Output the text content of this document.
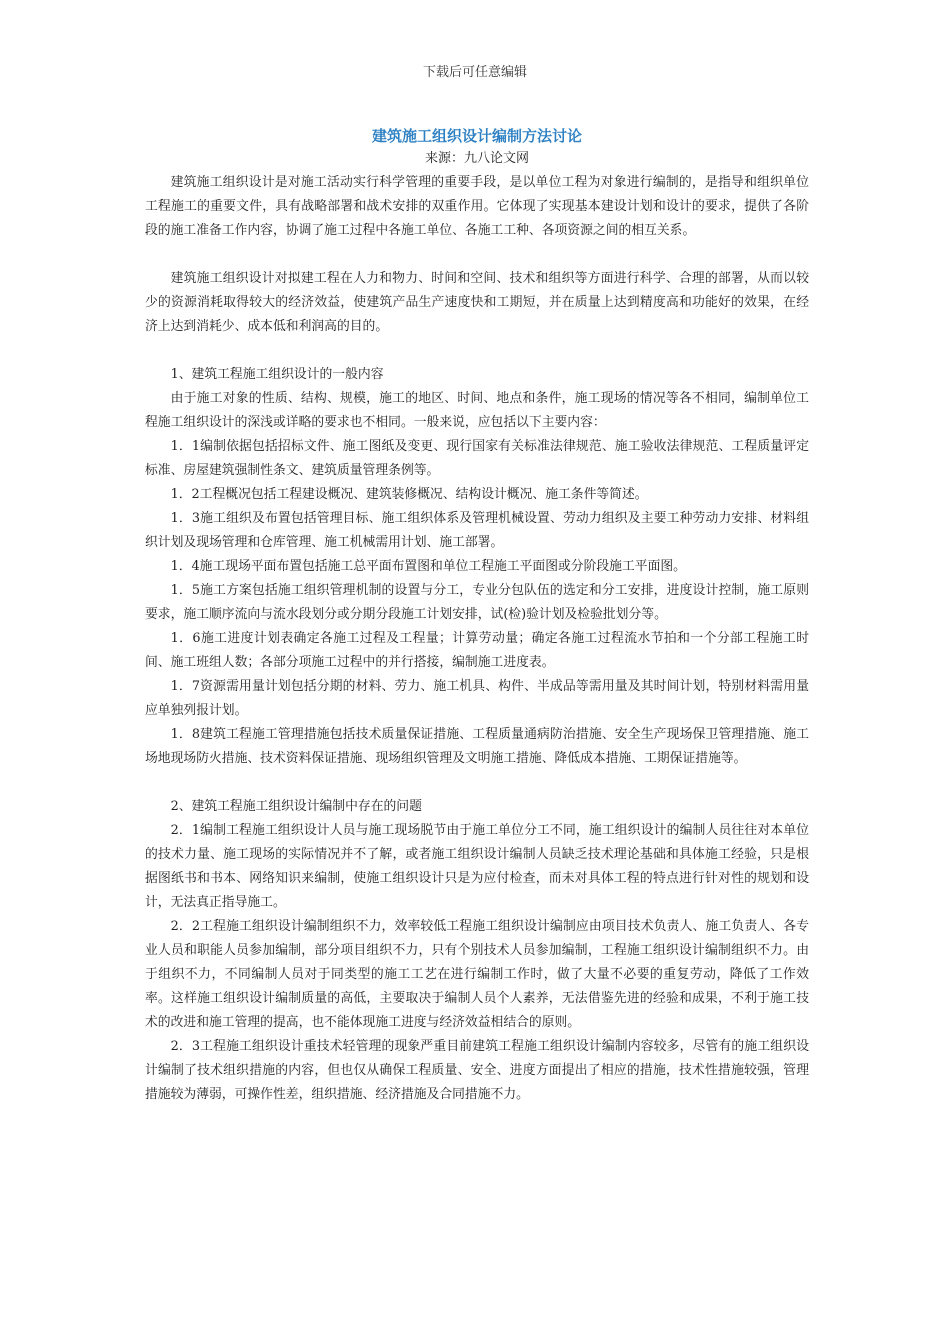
下载后可任意编辑
建筑施工组织设计编制方法讨论

来源：九八论文网

建筑施工组织设计是对施工活动实行科学管理的重要手段，是以单位工程为对象进行编制的，是指导和组织单位工程施工的重要文件，具有战略部署和战术安排的双重作用。它体现了实现基本建设计划和设计的要求，提供了各阶段的施工准备工作内容，协调了施工过程中各施工单位、各施工工种、各项资源之间的相互关系。

建筑施工组织设计对拟建工程在人力和物力、时间和空间、技术和组织等方面进行科学、合理的部署，从而以较少的资源消耗取得较大的经济效益，使建筑产品生产速度快和工期短，并在质量上达到精度高和功能好的效果，在经济上达到消耗少、成本低和利润高的目的。

1、建筑工程施工组织设计的一般内容

由于施工对象的性质、结构、规模，施工的地区、时间、地点和条件，施工现场的情况等各不相同，编制单位工程施工组织设计的深浅或详略的要求也不相同。一般来说，应包括以下主要内容：

1．1编制依据包括招标文件、施工图纸及变更、现行国家有关标准法律规范、施工验收法律规范、工程质量评定标准、房屋建筑强制性条文、建筑质量管理条例等。

1．2工程概况包括工程建设概况、建筑装修概况、结构设计概况、施工条件等简述。

1．3施工组织及布置包括管理目标、施工组织体系及管理机械设置、劳动力组织及主要工种劳动力安排、材料组织计划及现场管理和仓库管理、施工机械需用计划、施工部署。

1．4施工现场平面布置包括施工总平面布置图和单位工程施工平面图或分阶段施工平面图。

1．5施工方案包括施工组织管理机制的设置与分工，专业分包队伍的选定和分工安排，进度设计控制，施工原则要求，施工顺序流向与流水段划分或分期分段施工计划安排，试(检)验计划及检验批划分等。

1．6施工进度计划表确定各施工过程及工程量；计算劳动量；确定各施工过程流水节拍和一个分部工程施工时间、施工班组人数；各部分项施工过程中的并行搭接，编制施工进度表。

1．7资源需用量计划包括分期的材料、劳力、施工机具、构件、半成品等需用量及其时间计划，特别材料需用量应单独列报计划。

1．8建筑工程施工管理措施包括技术质量保证措施、工程质量通病防治措施、安全生产现场保卫管理措施、施工场地现场防火措施、技术资料保证措施、现场组织管理及文明施工措施、降低成本措施、工期保证措施等。

2、建筑工程施工组织设计编制中存在的问题

2．1编制工程施工组织设计人员与施工现场脱节由于施工单位分工不同，施工组织设计的编制人员往往对本单位的技术力量、施工现场的实际情况并不了解，或者施工组织设计编制人员缺乏技术理论基础和具体施工经验，只是根据图纸书和书本、网络知识来编制，使施工组织设计只是为应付检查，而未对具体工程的特点进行针对性的规划和设计，无法真正指导施工。

2．2工程施工组织设计编制组织不力，效率较低工程施工组织设计编制应由项目技术负责人、施工负责人、各专业人员和职能人员参加编制，部分项目组织不力，只有个别技术人员参加编制，工程施工组织设计编制组织不力。由于组织不力，不同编制人员对于同类型的施工工艺在进行编制工作时，做了大量不必要的重复劳动，降低了工作效率。这样施工组织设计编制质量的高低，主要取决于编制人员个人素养，无法借鉴先进的经验和成果，不利于施工技术的改进和施工管理的提高，也不能体现施工进度与经济效益相结合的原则。

2．3工程施工组织设计重技术轻管理的现象严重目前建筑工程施工组织设计编制内容较多，尽管有的施工组织设计编制了技术组织措施的内容，但也仅从确保工程质量、安全、进度方面提出了相应的措施，技术性措施较强，管理措施较为薄弱，可操作性差，组织措施、经济措施及合同措施不力。
